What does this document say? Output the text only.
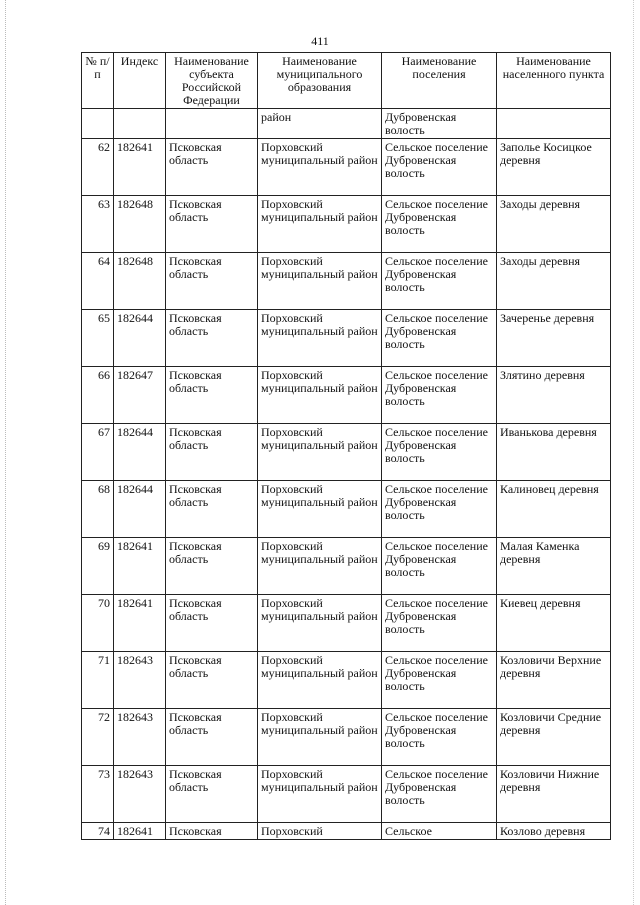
411
№ п/п	Индекс	Наименование субъекта Российской Федерации	Наименование муниципального образования	Наименование поселения	Наименование населенного пункта
			район	Дубровенская волость	
62	182641	Псковская область	Порховский муниципальный район	Сельское поселение Дубровенская волость	Заполье Косицкое деревня
63	182648	Псковская область	Порховский муниципальный район	Сельское поселение Дубровенская волость	Заходы деревня
64	182648	Псковская область	Порховский муниципальный район	Сельское поселение Дубровенская волость	Заходы деревня
65	182644	Псковская область	Порховский муниципальный район	Сельское поселение Дубровенская волость	Зачеренье деревня
66	182647	Псковская область	Порховский муниципальный район	Сельское поселение Дубровенская волость	Злятино деревня
67	182644	Псковская область	Порховский муниципальный район	Сельское поселение Дубровенская волость	Иванькова деревня
68	182644	Псковская область	Порховский муниципальный район	Сельское поселение Дубровенская волость	Калиновец деревня
69	182641	Псковская область	Порховский муниципальный район	Сельское поселение Дубровенская волость	Малая Каменка деревня
70	182641	Псковская область	Порховский муниципальный район	Сельское поселение Дубровенская волость	Киевец деревня
71	182643	Псковская область	Порховский муниципальный район	Сельское поселение Дубровенская волость	Козловичи Верхние деревня
72	182643	Псковская область	Порховский муниципальный район	Сельское поселение Дубровенская волость	Козловичи Средние деревня
73	182643	Псковская область	Порховский муниципальный район	Сельское поселение Дубровенская волость	Козловичи Нижние деревня
74	182641	Псковская	Порховский	Сельское	Козлово деревня
